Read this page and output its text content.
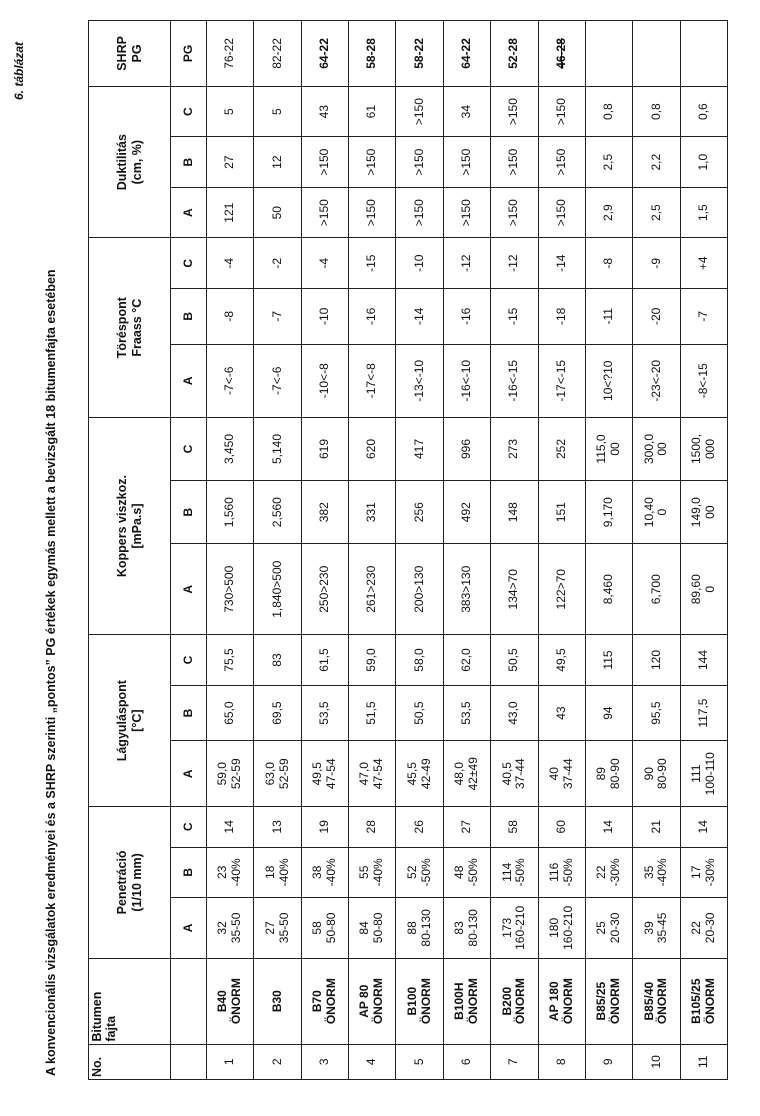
6. táblázat
A konvencionális vizsgálatok eredményei és a SHRP szerinti „pontos” PG értékek egymás mellett a bevizsgált 18 bitumenfajta esetében	No.	Bitumen fajta	Penetráció (1/10 mm)			Lágyuláspont [°C]			Koppers viszkoz. [mPa.s]			Töréspont Fraass °C			Duktilitás (cm, %)			SHRP PG

		A	B	C	A	B	C	A	B	C	A	B	C	A	B	C	PG
1	B40 ÖNORM	32 35-50	23 -40%	14	59,0 52-59	65,0	75,5	730>500	1,560	3,450	-7<-6	-8	-4	121	27	5	76-22
2	B30	27 35-50	18 -40%	13	63,0 52-59	69,5	83	1,840>500	2,560	5,140	-7<-6	-7	-2	50	12	5	82-22
3	B70 ÖNORM	58 50-80	38 -40%	19	49,5 47-54	53,5	61,5	250>230	382	619	-10<-8	-10	-4	>150	>150	43	64-22
4	AP 80 ÖNORM	84 50-80	55 -40%	28	47,0 47-54	51,5	59,0	261>230	331	620	-17<-8	-16	-15	>150	>150	61	58-28
5	B100 ÖNORM	88 80-130	52 -50%	26	45,5 42-49	50,5	58,0	200>130	256	417	-13<-10	-14	-10	>150	>150	>150	58-22
6	B100H ÖNORM	83 80-130	48 -50%	27	48,0 42±49	53,5	62,0	383>130	492	996	-16<-10	-16	-12	>150	>150	34	64-22
7	B200 ÖNORM	173 160-210	114 -50%	58	40,5 37-44	43,0	50,5	134>70	148	273	-16<-15	-15	-12	>150	>150	>150	52-28
8	AP 180 ÖNORM	180 160-210	116 -50%	60	40 37-44	43	49,5	122>70	151	252	-17<-15	-18	-14	>150	>150	>150	46-28
9	B85/25 ÖNORM	25 20-30	22 -30%	14	89 80-90	94	115	8,460	9,170	115,0 00	10<?10	-11	-8	2,9	2,5	0,8	
10	B85/40 ÖNORM	39 35-45	35 -40%	21	90 80-90	95,5	120	6,700	10,40 0	300,0 00	-23<-20	-20	-9	2,5	2,2	0,8	
11	B105/25 ÖNORM	22 20-30	17 -30%	14	111 100-110	117,5	144	89,60 0	149,0 00	1500, 000	-8<-15	-7	+4	1,5	1,0	0,6	
